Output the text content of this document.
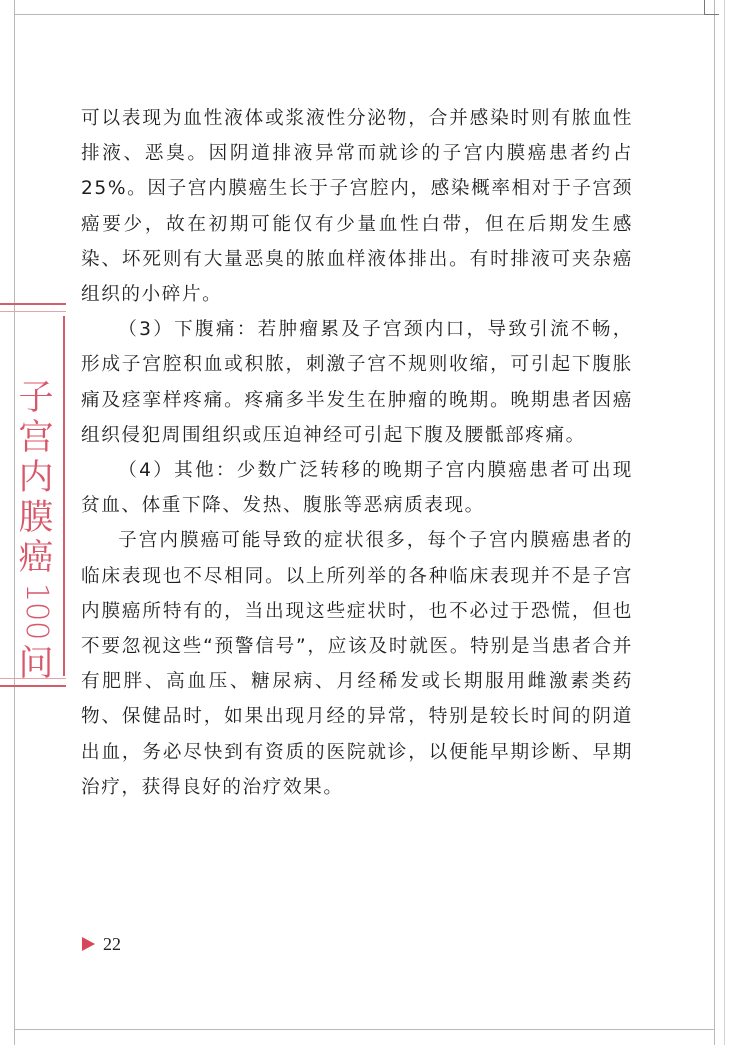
子
宫
内
膜
癌
100
问

可以表现为血性液体或浆液性分泌物，合并感染时则有脓血性排液、恶臭。因阴道排液异常而就诊的子宫内膜癌患者约占25%。因子宫内膜癌生长于子宫腔内，感染概率相对于子宫颈癌要少，故在初期可能仅有少量血性白带，但在后期发生感染、坏死则有大量恶臭的脓血样液体排出。有时排液可夹杂癌组织的小碎片。

（3）下腹痛：若肿瘤累及子宫颈内口，导致引流不畅，形成子宫腔积血或积脓，刺激子宫不规则收缩，可引起下腹胀痛及痉挛样疼痛。疼痛多半发生在肿瘤的晚期。晚期患者因癌组织侵犯周围组织或压迫神经可引起下腹及腰骶部疼痛。

（4）其他：少数广泛转移的晚期子宫内膜癌患者可出现贫血、体重下降、发热、腹胀等恶病质表现。

子宫内膜癌可能导致的症状很多，每个子宫内膜癌患者的临床表现也不尽相同。以上所列举的各种临床表现并不是子宫内膜癌所特有的，当出现这些症状时，也不必过于恐慌，但也不要忽视这些“预警信号”，应该及时就医。特别是当患者合并有肥胖、高血压、糖尿病、月经稀发或长期服用雌激素类药物、保健品时，如果出现月经的异常，特别是较长时间的阴道出血，务必尽快到有资质的医院就诊，以便能早期诊断、早期治疗，获得良好的治疗效果。

22
